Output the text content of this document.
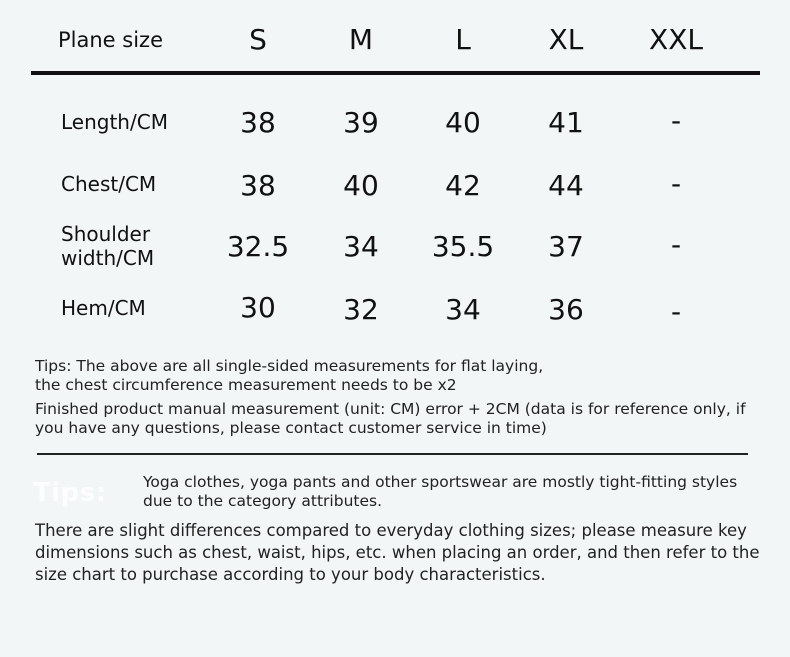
Plane size	S	M	L	XL	XXL
Length/CM	38	39	40	41	-
Chest/CM	38	40	42	44	-
Shoulder
width/CM	32.5	34	35.5	37	-
Hem/CM	30	32	34	36	-

Tips: The above are all single-sided measurements for flat laying,
the chest circumference measurement needs to be x2

Finished product manual measurement (unit: CM) error + 2CM (data is for reference only, if you have any questions, please contact customer service in time)

Tips: Yoga clothes, yoga pants and other sportswear are mostly tight-fitting styles due to the category attributes.

There are slight differences compared to everyday clothing sizes; please measure key dimensions such as chest, waist, hips, etc. when placing an order, and then refer to the size chart to purchase according to your body characteristics.
